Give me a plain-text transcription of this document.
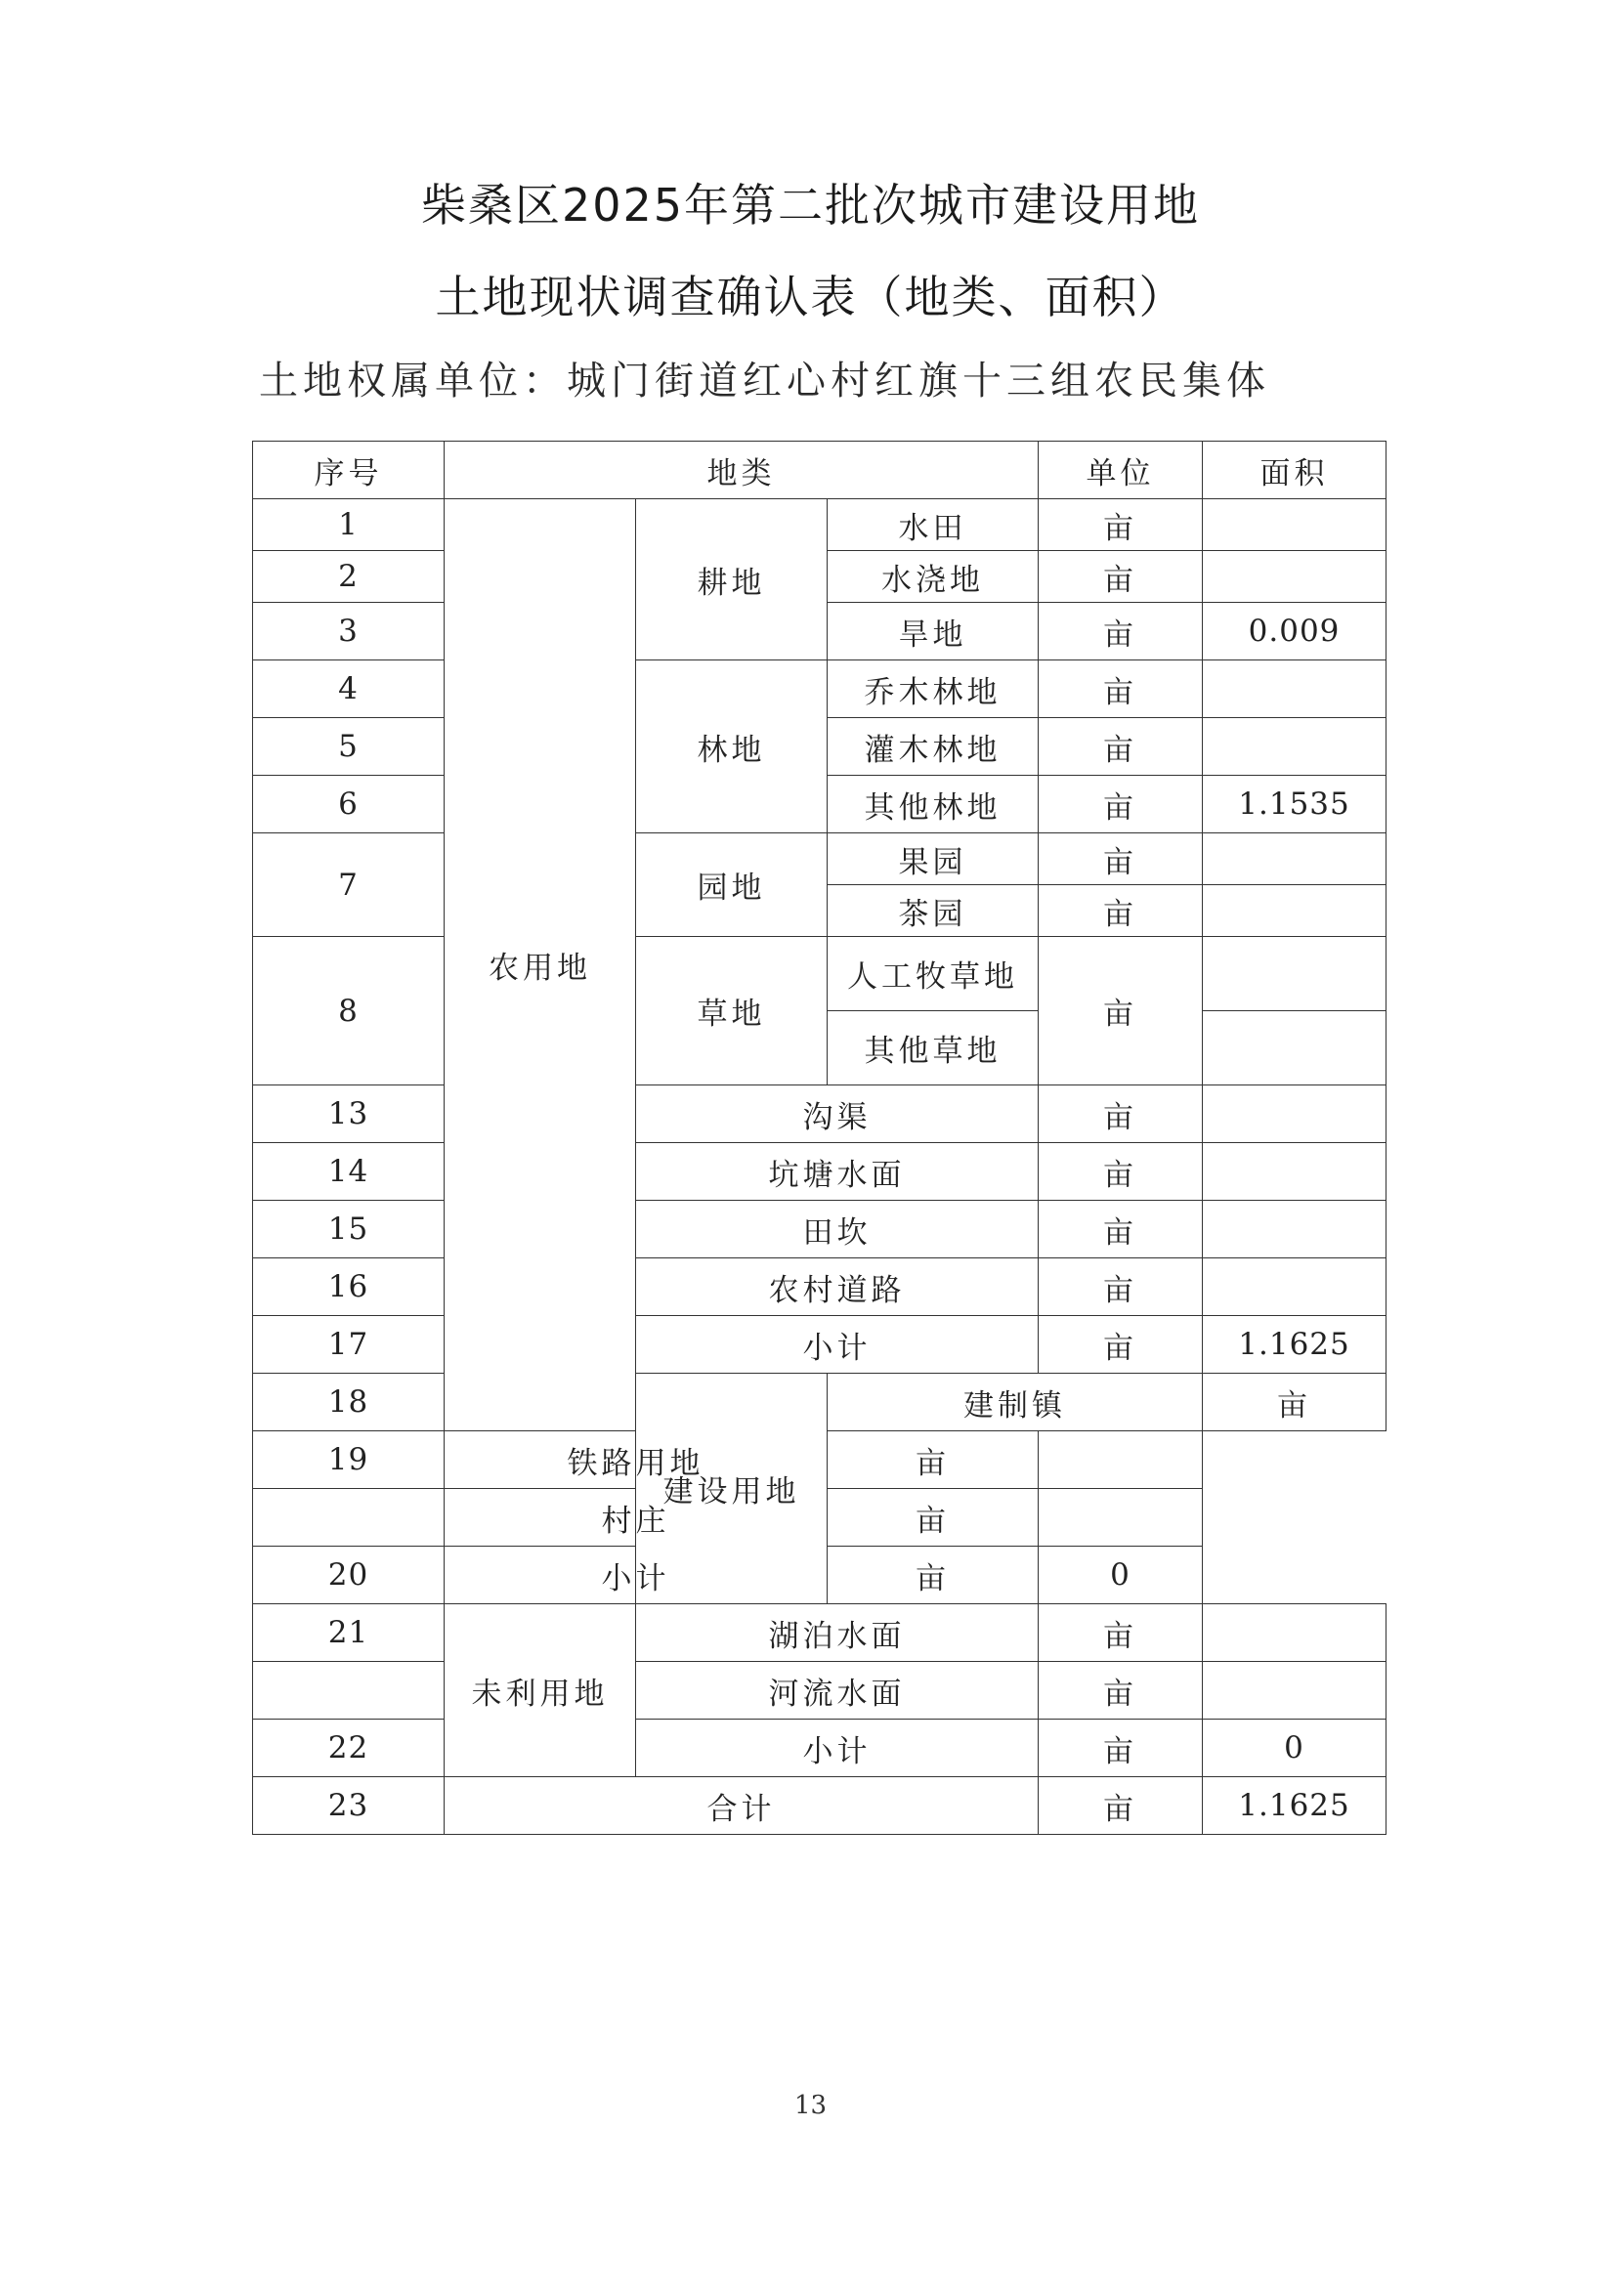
柴桑区2025年第二批次城市建设用地
土地现状调查确认表（地类、面积）
土地权属单位：城门街道红心村红旗十三组农民集体
序号	地类			单位	面积	
1	农用地	耕地	水田	亩		
2			水浇地	亩		
3			旱地	亩	0.009	
4		林地	乔木林地	亩		
5			灌木林地	亩		
6			其他林地	亩	1.1535	
7		园地	果园	亩		
			茶园	亩		
8		草地	人工牧草地	亩		
			其他草地			
13		沟渠		亩		
14		坑塘水面		亩		
15		田坎		亩		
16		农村道路		亩		
17		小计		亩	1.1625	
18		建设用地	建制镇		亩	
19	铁路用地		亩			
	村庄		亩			
20	小计		亩	0		
21	未利用地	湖泊水面		亩		
		河流水面		亩		
22		小计		亩	0	
23	合计			亩	1.1625	
13
